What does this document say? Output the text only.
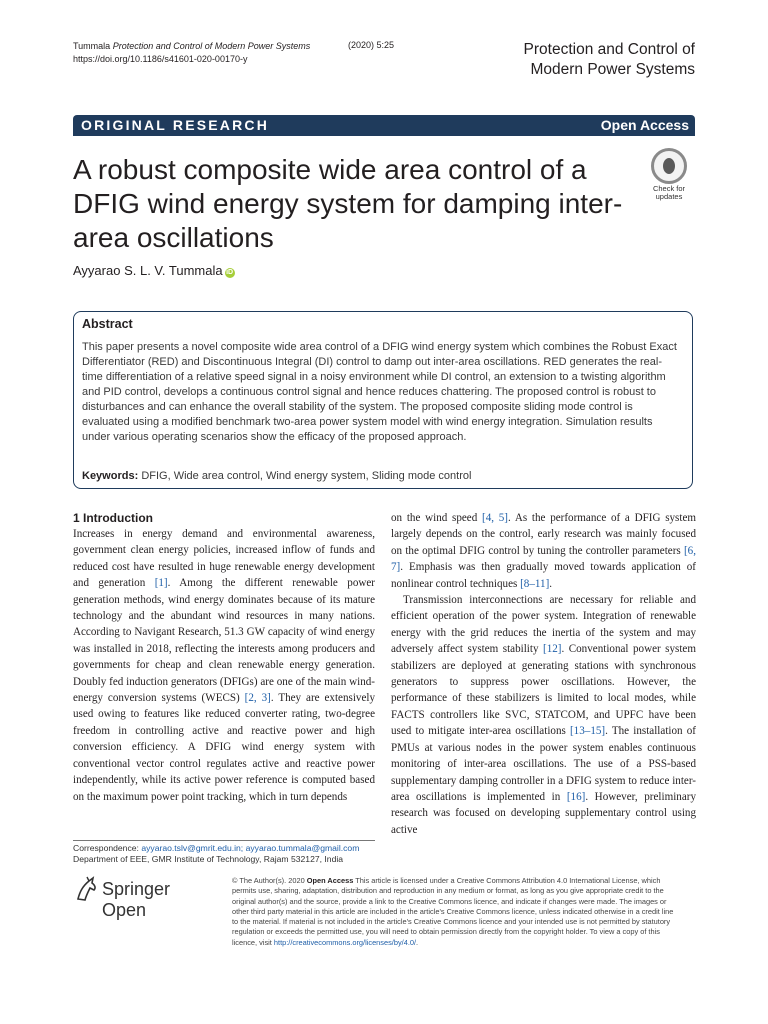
Tummala Protection and Control of Modern Power Systems
https://doi.org/10.1186/s41601-020-00170-y
(2020) 5:25	Protection and Control of
Modern Power Systems
ORIGINAL RESEARCH	Open Access
A robust composite wide area control of a DFIG wind energy system for damping inter-area oscillations
Check for
updates
Ayyarao S. L. V. Tummala iD
Abstract
This paper presents a novel composite wide area control of a DFIG wind energy system which combines the Robust Exact Differentiator (RED) and Discontinuous Integral (DI) control to damp out inter-area oscillations. RED generates the real-time differentiation of a relative speed signal in a noisy environment while DI control, an extension to a twisting algorithm and PID control, develops a continuous control signal and hence reduces chattering. The proposed control is robust to disturbances and can enhance the overall stability of the system. The proposed composite sliding mode control is evaluated using a modified benchmark two-area power system model with wind energy integration. Simulation results under various operating scenarios show the efficacy of the proposed approach.
Keywords: DFIG, Wide area control, Wind energy system, Sliding mode control
1 Introduction

Increases in energy demand and environmental awareness, government clean energy policies, increased inflow of funds and reduced cost have resulted in huge renewable energy development and generation [1]. Among the different renewable power generation methods, wind energy dominates because of its mature technology and the abundant wind resources in many nations. According to Navigant Research, 51.3 GW capacity of wind energy was installed in 2018, reflecting the interests among producers and governments for cheap and clean renewable energy generation. Doubly fed induction generators (DFIGs) are one of the main wind-energy conversion systems (WECS) [2, 3]. They are extensively used owing to features like reduced converter rating, two-degree freedom in controlling active and reactive power and high conversion efficiency. A DFIG wind energy system with conventional vector control regulates active and reactive power independently, while its active power reference is computed based on the maximum power point tracking, which in turn depends

on the wind speed [4, 5]. As the performance of a DFIG system largely depends on the control, early research was mainly focused on the optimal DFIG control by tuning the controller parameters [6, 7]. Emphasis was then gradually moved towards application of nonlinear control techniques [8–11].

Transmission interconnections are necessary for reliable and efficient operation of the power system. Integration of renewable energy with the grid reduces the inertia of the system and may adversely affect system stability [12]. Conventional power system stabilizers are deployed at generating stations with synchronous generators to suppress power oscillations. However, the performance of these stabilizers is limited to local modes, while FACTS controllers like SVC, STATCOM, and UPFC have been used to mitigate inter-area oscillations [13–15]. The installation of PMUs at various nodes in the power system enables continuous monitoring of inter-area oscillations. The use of a PSS-based supplementary damping controller in a DFIG system to reduce inter-area oscillations is implemented in [16]. However, preliminary research was focused on developing supplementary control using active

Correspondence: ayyarao.tslv@gmrit.edu.in; ayyarao.tummala@gmail.com
Department of EEE, GMR Institute of Technology, Rajam 532127, India
Springer Open
© The Author(s). 2020 Open Access This article is licensed under a Creative Commons Attribution 4.0 International License, which permits use, sharing, adaptation, distribution and reproduction in any medium or format, as long as you give appropriate credit to the original author(s) and the source, provide a link to the Creative Commons licence, and indicate if changes were made. The images or other third party material in this article are included in the article's Creative Commons licence, unless indicated otherwise in a credit line to the material. If material is not included in the article's Creative Commons licence and your intended use is not permitted by statutory regulation or exceeds the permitted use, you will need to obtain permission directly from the copyright holder. To view a copy of this licence, visit http://creativecommons.org/licenses/by/4.0/.
